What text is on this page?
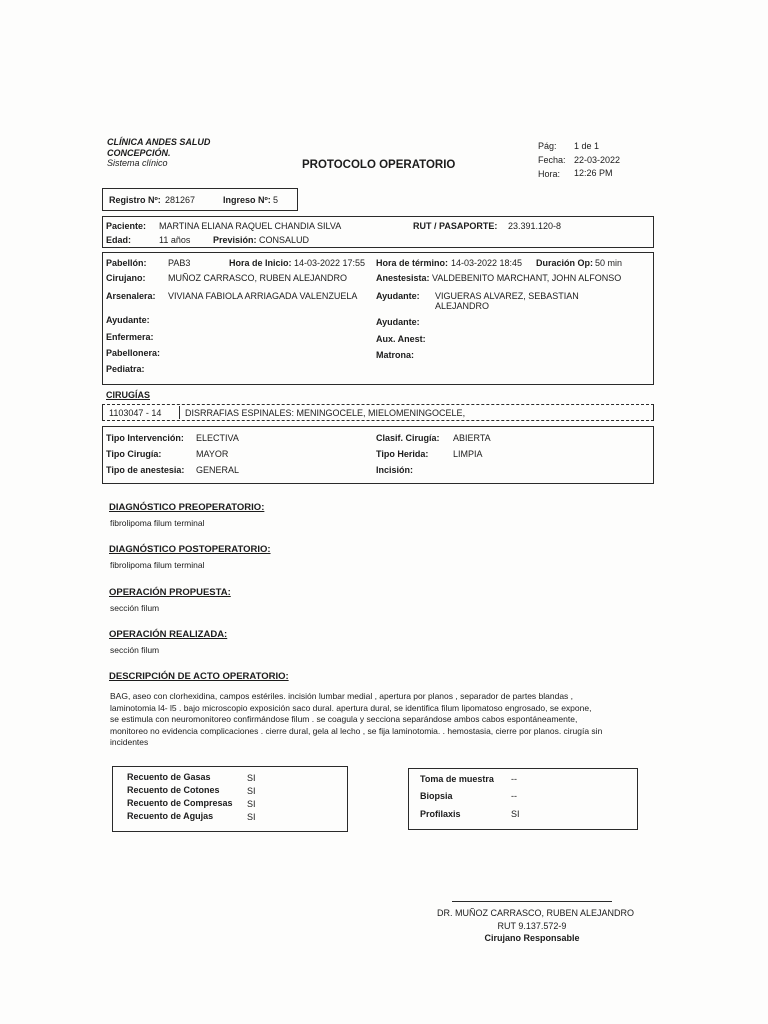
CLÍNICA ANDES SALUD
CONCEPCIÓN.
Sistema clínico	PROTOCOLO OPERATORIO
Pág: 1 de 1
Fecha: 22-03-2022
Hora: 12:26 PM
Registro Nº: 281267	Ingreso Nº: 5
Paciente: MARTINA ELIANA RAQUEL CHANDIA SILVA	RUT / PASAPORTE: 23.391.120-8
Edad:	11 años	Previsión: CONSALUD
Pabellón: PAB3	Hora de Inicio: 14-03-2022 17:55 Hora de término: 14-03-2022 18:45 Duración Op: 50 min
Cirujano:	MUÑOZ CARRASCO, RUBEN ALEJANDRO	Anestesista: VALDEBENITO MARCHANT, JOHN ALFONSO
Arsenalera: VIVIANA FABIOLA ARRIAGADA VALENZUELA Ayudante: VIGUERAS ALVAREZ, SEBASTIAN
ALEJANDRO
Ayudante:	Ayudante:
Enfermera:	Aux. Anest:
Pabellonera:	Matrona:
Pediatra:
CIRUGÍAS
1103047 - 14	DISRRAFIAS ESPINALES: MENINGOCELE, MIELOMENINGOCELE,
Tipo Intervención: ELECTIVA	Clasif. Cirugía: ABIERTA
Tipo Cirugía:	MAYOR	Tipo Herida:	LIMPIA
Tipo de anestesia: GENERAL	Incisión:
DIAGNÓSTICO PREOPERATORIO:
fibrolipoma filum terminal
DIAGNÓSTICO POSTOPERATORIO:
fibrolipoma filum terminal
OPERACIÓN PROPUESTA:
sección filum
OPERACIÓN REALIZADA:
sección filum
DESCRIPCIÓN DE ACTO OPERATORIO:
BAG, aseo con clorhexidina, campos estériles. incisión lumbar medial , apertura por planos , separador de partes blandas ,
laminotomia l4- l5 . bajo microscopio exposición saco dural. apertura dural, se identifica filum lipomatoso engrosado, se expone,
se estimula con neuromonitoreo confirmándose filum . se coagula y secciona separándose ambos cabos espontáneamente,
monitoreo no evidencia complicaciones . cierre dural, gela al lecho , se fija laminotomia. . hemostasia, cierre por planos. cirugía sin
incidentes
Recuento de Gasas	SI
Recuento de Cotones	SI
Recuento de Compresas SI
Recuento de Agujas	SI
Toma de muestra --
Biopsia	--
Profilaxis	SI
DR. MUÑOZ CARRASCO, RUBEN ALEJANDRO
RUT 9.137.572-9
Cirujano Responsable
